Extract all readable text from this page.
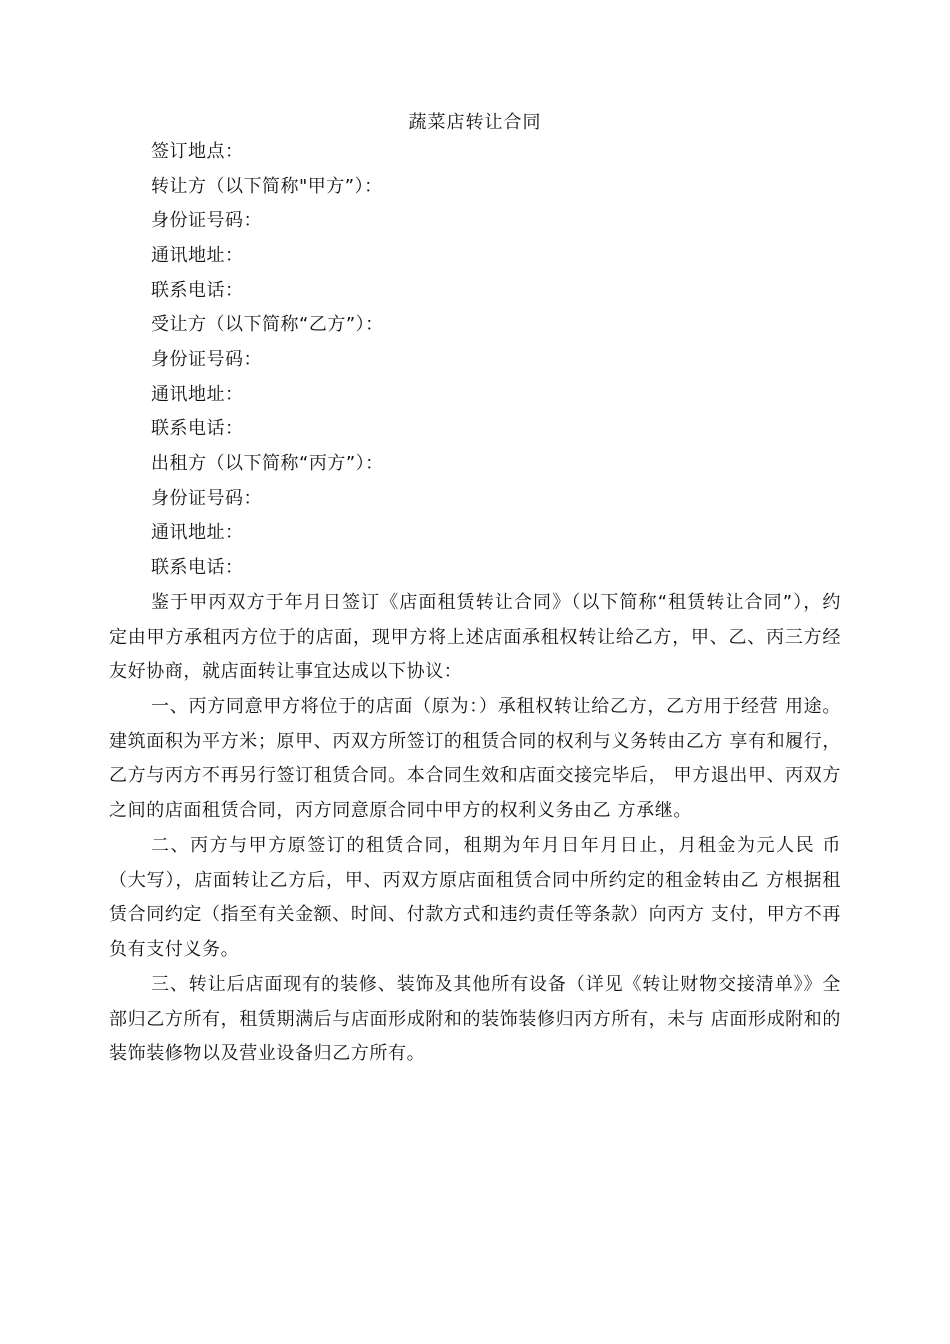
蔬菜店转让合同
签订地点：
转让方（以下简称"甲方”）：
身份证号码：
通讯地址：
联系电话：
受让方（以下简称“乙方”）：
身份证号码：
通讯地址：
联系电话：
出租方（以下简称“丙方”）：
身份证号码：
通讯地址：
联系电话：
鉴于甲丙双方于年月日签订《店面租赁转让合同》（以下简称“租赁转让合同”），约定由甲方承租丙方位于的店面，现甲方将上述店面承租权转让给乙方，甲、乙、丙三方经友好协商，就店面转让事宜达成以下协议：
一、丙方同意甲方将位于的店面（原为：）承租权转让给乙方，乙方用于经营 用途。建筑面积为平方米；原甲、丙双方所签订的租赁合同的权利与义务转由乙方 享有和履行，乙方与丙方不再另行签订租赁合同。本合同生效和店面交接完毕后， 甲方退出甲、丙双方之间的店面租赁合同，丙方同意原合同中甲方的权利义务由乙 方承继。
二、丙方与甲方原签订的租赁合同，租期为年月日年月日止，月租金为元人民 币（大写），店面转让乙方后，甲、丙双方原店面租赁合同中所约定的租金转由乙 方根据租赁合同约定（指至有关金额、时间、付款方式和违约责任等条款）向丙方 支付，甲方不再负有支付义务。
三、转让后店面现有的装修、装饰及其他所有设备（详见《转让财物交接清单》》全部归乙方所有，租赁期满后与店面形成附和的装饰装修归丙方所有，未与 店面形成附和的装饰装修物以及营业设备归乙方所有。
